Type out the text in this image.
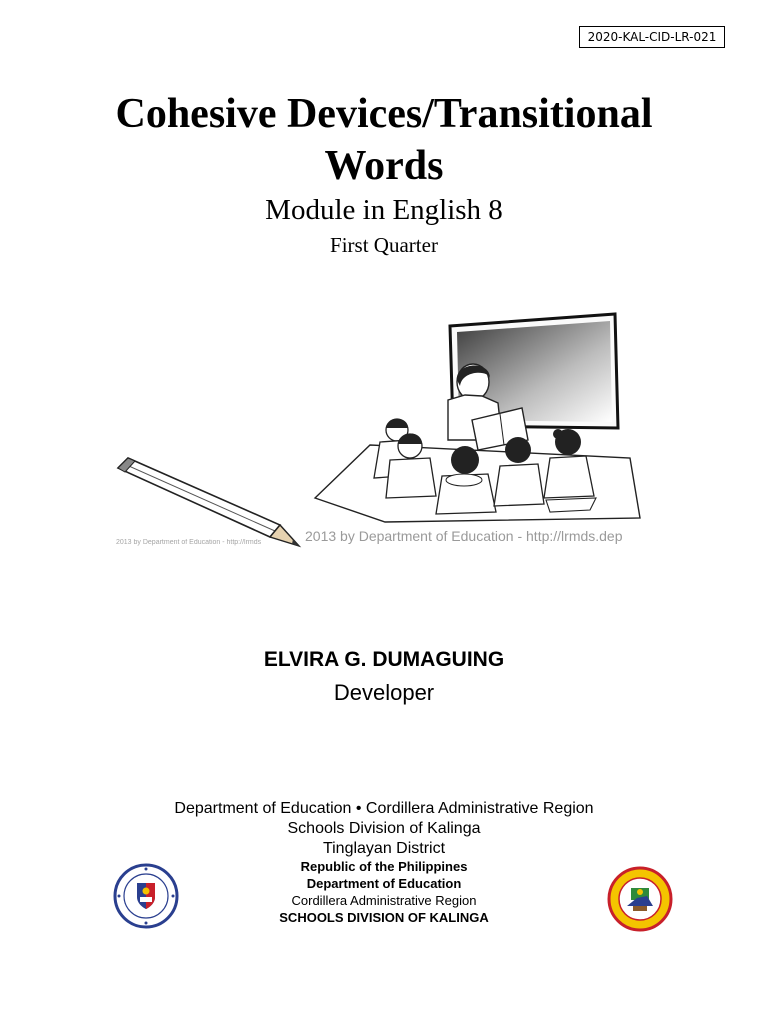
2020-KAL-CID-LR-021
Cohesive Devices/Transitional
Words
Module in English 8
First Quarter
2013 by Department of Education - http://lrmds.dep
2013 by Department of Education - http://lrmds
ELVIRA G. DUMAGUING
Developer
Department of Education • Cordillera Administrative Region
Schools Division of Kalinga
Tinglayan District
Republic of the Philippines
Department of Education
Cordillera Administrative Region
SCHOOLS DIVISION OF KALINGA
